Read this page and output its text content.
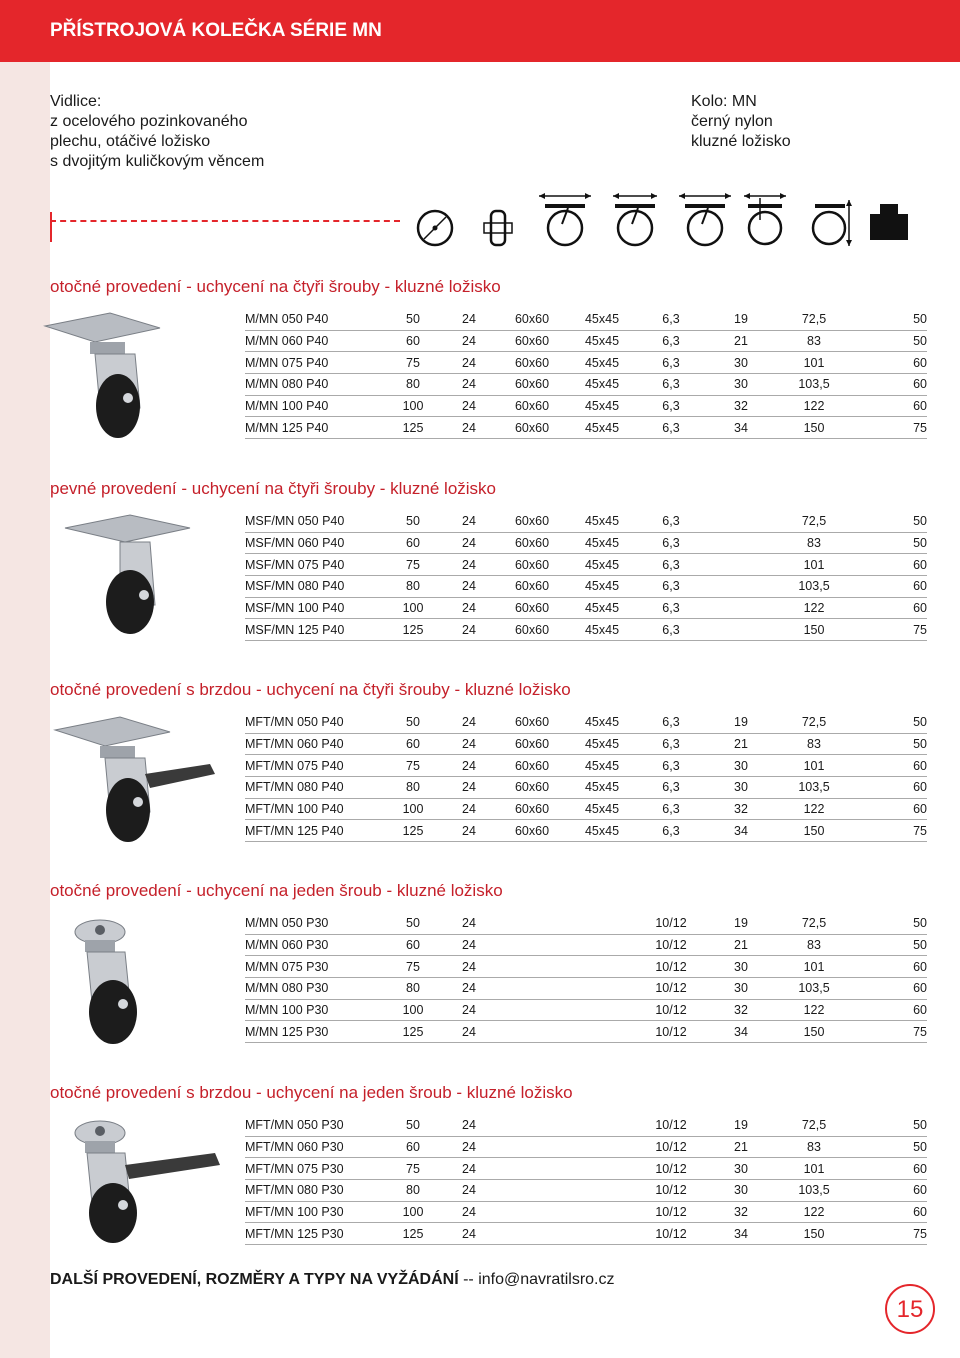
PŘÍSTROJOVÁ KOLEČKA SÉRIE MN
Vidlice:
z ocelového pozinkovaného
plechu, otáčivé ložisko
s dvojitým kuličkovým věncem
Kolo: MN
černý nylon
kluzné ložisko
otočné provedení - uchycení na čtyři šrouby - kluzné ložisko
M/MN 050 P40	50	24	60x60	45x45	6,3	19	72,5	50
M/MN 060 P40	60	24	60x60	45x45	6,3	21	83	50
M/MN 075 P40	75	24	60x60	45x45	6,3	30	101	60
M/MN 080 P40	80	24	60x60	45x45	6,3	30	103,5	60
M/MN 100 P40	100	24	60x60	45x45	6,3	32	122	60
M/MN 125 P40	125	24	60x60	45x45	6,3	34	150	75
pevné provedení - uchycení na čtyři šrouby - kluzné ložisko
MSF/MN 050 P40	50	24	60x60	45x45	6,3		72,5	50
MSF/MN 060 P40	60	24	60x60	45x45	6,3		83	50
MSF/MN 075 P40	75	24	60x60	45x45	6,3		101	60
MSF/MN 080 P40	80	24	60x60	45x45	6,3		103,5	60
MSF/MN 100 P40	100	24	60x60	45x45	6,3		122	60
MSF/MN 125 P40	125	24	60x60	45x45	6,3		150	75
otočné provedení s brzdou - uchycení na čtyři šrouby - kluzné ložisko
MFT/MN 050 P40	50	24	60x60	45x45	6,3	19	72,5	50
MFT/MN 060 P40	60	24	60x60	45x45	6,3	21	83	50
MFT/MN 075 P40	75	24	60x60	45x45	6,3	30	101	60
MFT/MN 080 P40	80	24	60x60	45x45	6,3	30	103,5	60
MFT/MN 100 P40	100	24	60x60	45x45	6,3	32	122	60
MFT/MN 125 P40	125	24	60x60	45x45	6,3	34	150	75
otočné provedení - uchycení na jeden šroub - kluzné ložisko
M/MN 050 P30	50	24			10/12	19	72,5	50
M/MN 060 P30	60	24			10/12	21	83	50
M/MN 075 P30	75	24			10/12	30	101	60
M/MN 080 P30	80	24			10/12	30	103,5	60
M/MN 100 P30	100	24			10/12	32	122	60
M/MN 125 P30	125	24			10/12	34	150	75
otočné provedení s brzdou - uchycení na jeden šroub - kluzné ložisko
MFT/MN 050 P30	50	24			10/12	19	72,5	50
MFT/MN 060 P30	60	24			10/12	21	83	50
MFT/MN 075 P30	75	24			10/12	30	101	60
MFT/MN 080 P30	80	24			10/12	30	103,5	60
MFT/MN 100 P30	100	24			10/12	32	122	60
MFT/MN 125 P30	125	24			10/12	34	150	75
DALŠÍ PROVEDENÍ, ROZMĚRY A TYPY NA VYŽÁDÁNÍ -- info@navratilsro.cz
15
